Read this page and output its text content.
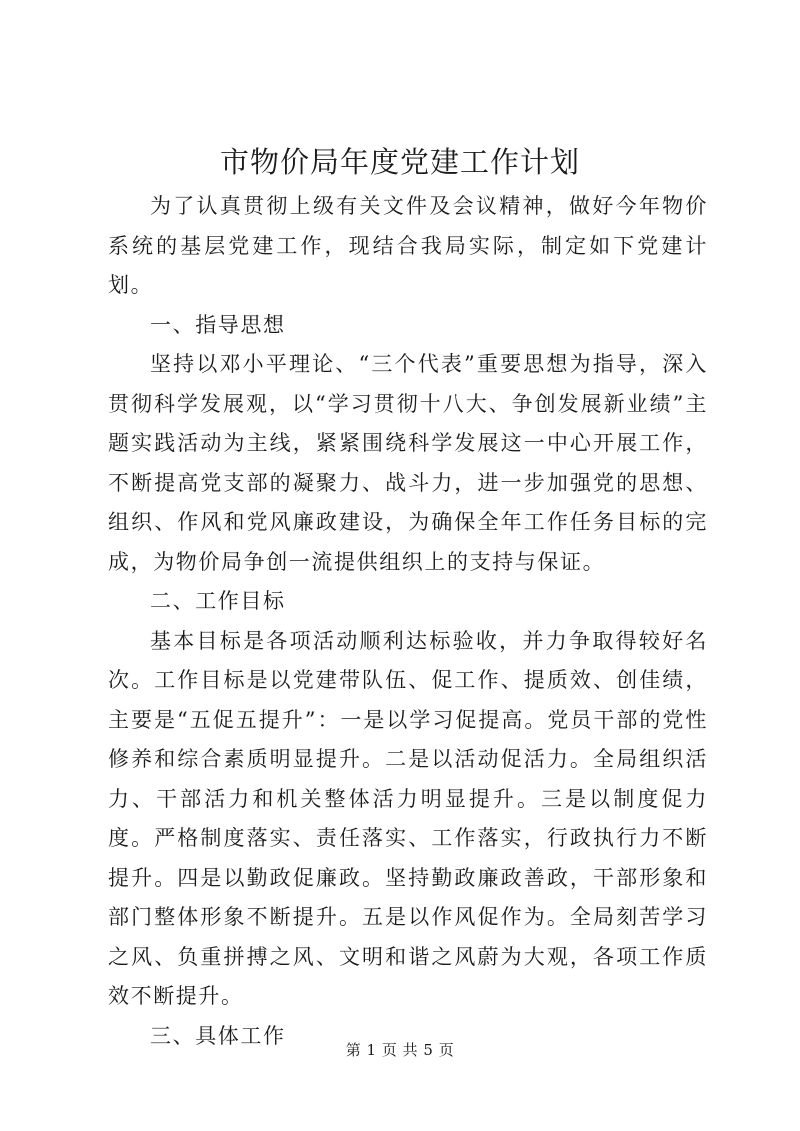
市物价局年度党建工作计划

为了认真贯彻上级有关文件及会议精神，做好今年物价系统的基层党建工作，现结合我局实际，制定如下党建计划。

一、指导思想

坚持以邓小平理论、“三个代表”重要思想为指导，深入贯彻科学发展观，以“学习贯彻十八大、争创发展新业绩”主题实践活动为主线，紧紧围绕科学发展这一中心开展工作，不断提高党支部的凝聚力、战斗力，进一步加强党的思想、组织、作风和党风廉政建设，为确保全年工作任务目标的完成，为物价局争创一流提供组织上的支持与保证。

二、工作目标

基本目标是各项活动顺利达标验收，并力争取得较好名次。工作目标是以党建带队伍、促工作、提质效、创佳绩，主要是“五促五提升”：一是以学习促提高。党员干部的党性修养和综合素质明显提升。二是以活动促活力。全局组织活力、干部活力和机关整体活力明显提升。三是以制度促力度。严格制度落实、责任落实、工作落实，行政执行力不断提升。四是以勤政促廉政。坚持勤政廉政善政，干部形象和部门整体形象不断提升。五是以作风促作为。全局刻苦学习之风、负重拼搏之风、文明和谐之风蔚为大观，各项工作质效不断提升。

三、具体工作

第 1 页 共 5 页
